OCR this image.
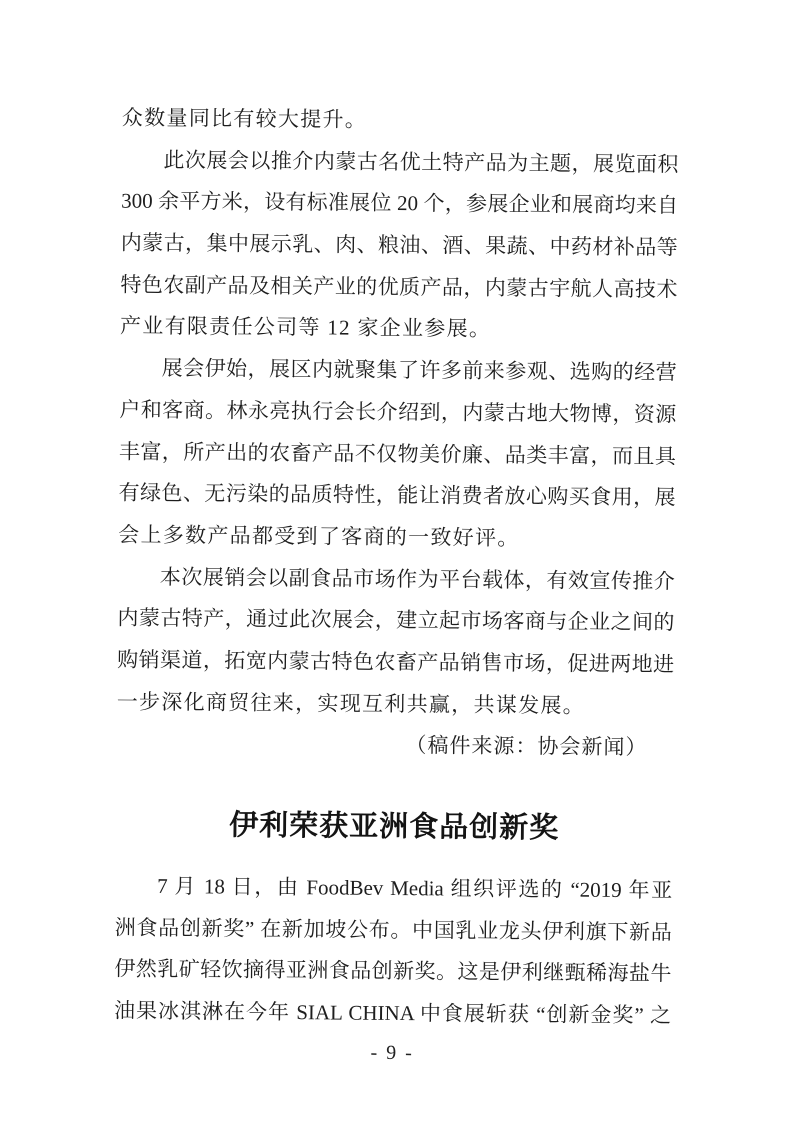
众数量同比有较大提升。
此次展会以推介内蒙古名优土特产品为主题，展览面积
300 余平方米，设有标准展位 20 个，参展企业和展商均来自
内蒙古，集中展示乳、肉、粮油、酒、果蔬、中药材补品等
特色农副产品及相关产业的优质产品，内蒙古宇航人高技术
产业有限责任公司等 12 家企业参展。
展会伊始，展区内就聚集了许多前来参观、选购的经营
户和客商。林永亮执行会长介绍到，内蒙古地大物博，资源
丰富，所产出的农畜产品不仅物美价廉、品类丰富，而且具
有绿色、无污染的品质特性，能让消费者放心购买食用，展
会上多数产品都受到了客商的一致好评。
本次展销会以副食品市场作为平台载体，有效宣传推介
内蒙古特产，通过此次展会，建立起市场客商与企业之间的
购销渠道，拓宽内蒙古特色农畜产品销售市场，促进两地进
一步深化商贸往来，实现互利共赢，共谋发展。
（稿件来源：协会新闻）
伊利荣获亚洲食品创新奖
7 月 18 日，由 FoodBev Media 组织评选的 “2019 年亚
洲食品创新奖” 在新加坡公布。中国乳业龙头伊利旗下新品
伊然乳矿轻饮摘得亚洲食品创新奖。这是伊利继甄稀海盐牛
油果冰淇淋在今年 SIAL CHINA 中食展斩获 “创新金奖” 之
- 9 -
